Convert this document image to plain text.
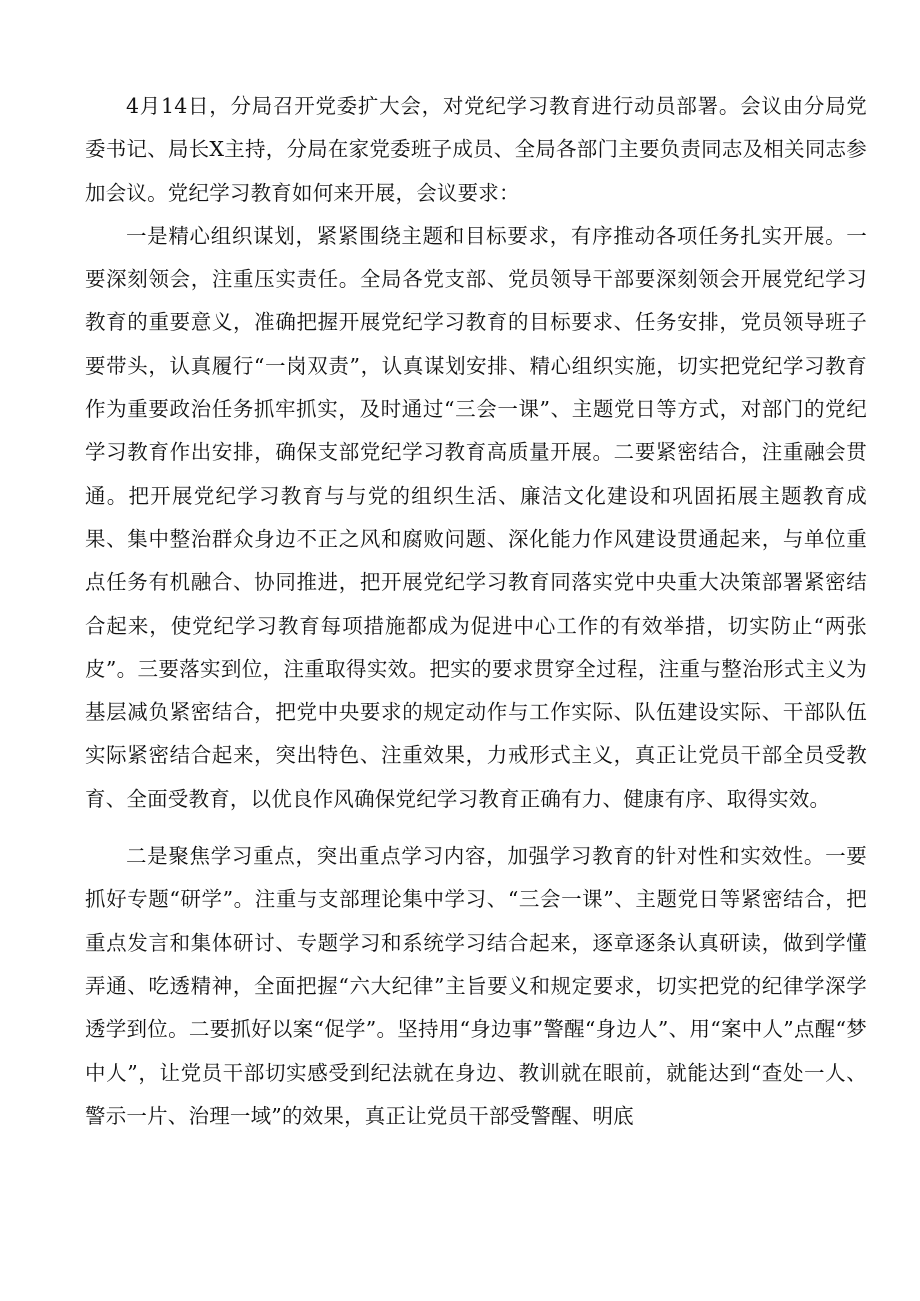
4月14日，分局召开党委扩大会，对党纪学习教育进行动员部署。会议由分局党委书记、局长X主持，分局在家党委班子成员、全局各部门主要负责同志及相关同志参加会议。党纪学习教育如何来开展，会议要求：

一是精心组织谋划，紧紧围绕主题和目标要求，有序推动各项任务扎实开展。一要深刻领会，注重压实责任。全局各党支部、党员领导干部要深刻领会开展党纪学习教育的重要意义，准确把握开展党纪学习教育的目标要求、任务安排，党员领导班子要带头，认真履行“一岗双责”，认真谋划安排、精心组织实施，切实把党纪学习教育作为重要政治任务抓牢抓实，及时通过“三会一课”、主题党日等方式，对部门的党纪学习教育作出安排，确保支部党纪学习教育高质量开展。二要紧密结合，注重融会贯通。把开展党纪学习教育与与党的组织生活、廉洁文化建设和巩固拓展主题教育成果、集中整治群众身边不正之风和腐败问题、深化能力作风建设贯通起来，与单位重点任务有机融合、协同推进，把开展党纪学习教育同落实党中央重大决策部署紧密结合起来，使党纪学习教育每项措施都成为促进中心工作的有效举措，切实防止“两张皮”。三要落实到位，注重取得实效。把实的要求贯穿全过程，注重与整治形式主义为基层减负紧密结合，把党中央要求的规定动作与工作实际、队伍建设实际、干部队伍实际紧密结合起来，突出特色、注重效果，力戒形式主义，真正让党员干部全员受教育、全面受教育，以优良作风确保党纪学习教育正确有力、健康有序、取得实效。

二是聚焦学习重点，突出重点学习内容，加强学习教育的针对性和实效性。一要抓好专题“研学”。注重与支部理论集中学习、“三会一课”、主题党日等紧密结合，把重点发言和集体研讨、专题学习和系统学习结合起来，逐章逐条认真研读，做到学懂弄通、吃透精神，全面把握“六大纪律”主旨要义和规定要求，切实把党的纪律学深学透学到位。二要抓好以案“促学”。坚持用“身边事”警醒“身边人”、用“案中人”点醒“梦中人”，让党员干部切实感受到纪法就在身边、教训就在眼前，就能达到“查处一人、警示一片、治理一域”的效果，真正让党员干部受警醒、明底
